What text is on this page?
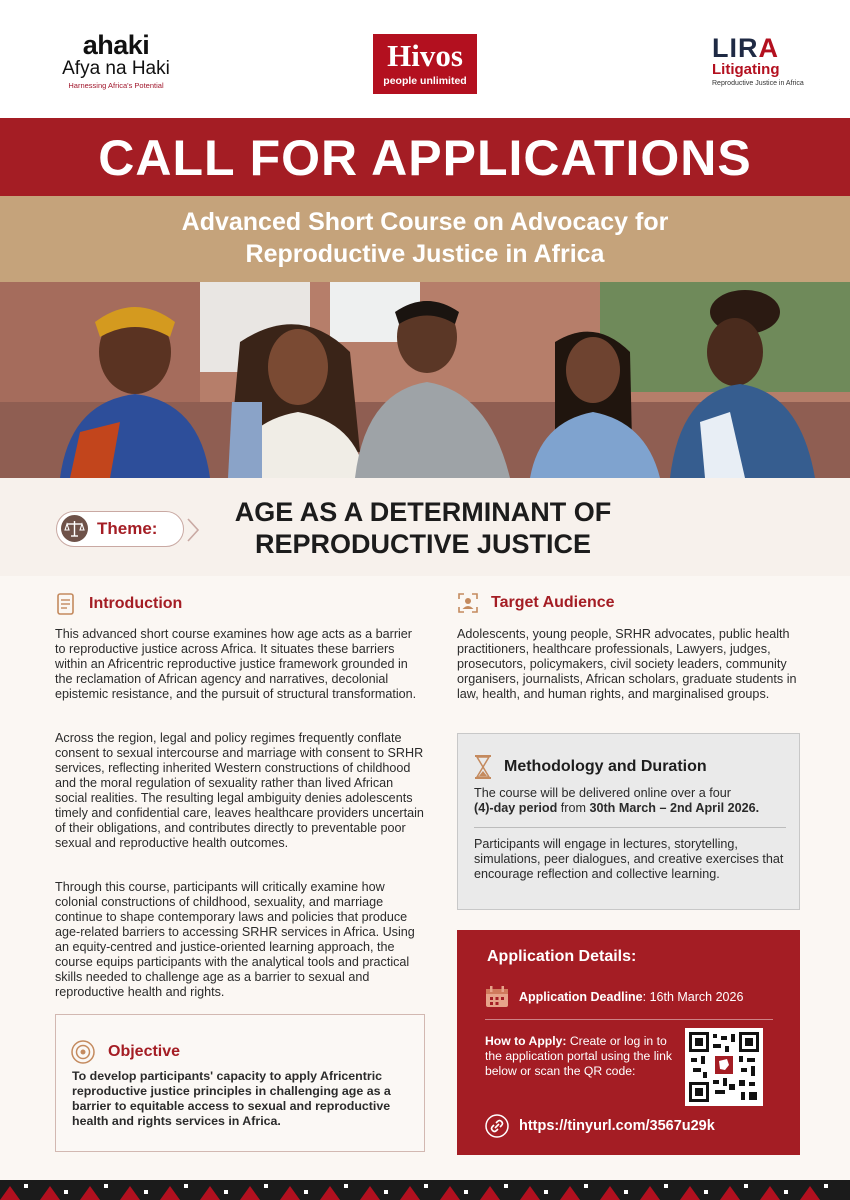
ahaki
Afya na Haki
Harnessing Africa's Potential
Hivos
people unlimited
LIRA
Litigating
Reproductive Justice in Africa
CALL FOR APPLICATIONS
Advanced Short Course on Advocacy for
Reproductive Justice in Africa
Theme:
AGE AS A DETERMINANT OF
REPRODUCTIVE JUSTICE
Introduction

This advanced short course examines how age acts as a barrier to reproductive justice across Africa. It situates these barriers within an Africentric reproductive justice framework grounded in the reclamation of African agency and narratives, decolonial epistemic resistance, and the pursuit of structural transformation.

Across the region, legal and policy regimes frequently conflate consent to sexual intercourse and marriage with consent to SRHR services, reflecting inherited Western constructions of childhood and the moral regulation of sexuality rather than lived African social realities. The resulting legal ambiguity denies adolescents timely and confidential care, leaves healthcare providers uncertain of their obligations, and contributes directly to preventable poor sexual and reproductive health outcomes.

Through this course, participants will critically examine how colonial constructions of childhood, sexuality, and marriage continue to shape contemporary laws and policies that produce age-related barriers to accessing SRHR services in Africa. Using an equity-centred and justice-oriented learning approach, the course equips participants with the analytical tools and practical skills needed to challenge age as a barrier to sexual and reproductive health and rights.

Objective

To develop participants' capacity to apply Africentric reproductive justice principles in challenging age as a barrier to equitable access to sexual and reproductive health and rights services in Africa.

Target Audience

Adolescents, young people, SRHR advocates, public health practitioners, healthcare professionals, Lawyers, judges, prosecutors, policymakers, civil society leaders, community organisers, journalists, African scholars, graduate students in law, health, and human rights, and marginalised groups.

Methodology and Duration

The course will be delivered online over a four
(4)-day period from 30th March – 2nd April 2026.

Participants will engage in lectures, storytelling, simulations, peer dialogues, and creative exercises that encourage reflection and collective learning.

Application Details:
Application Deadline : 16th March 2026

How to Apply: Create or log in to the application portal using the link below or scan the QR code:

https://tinyurl.com/3567u29k
